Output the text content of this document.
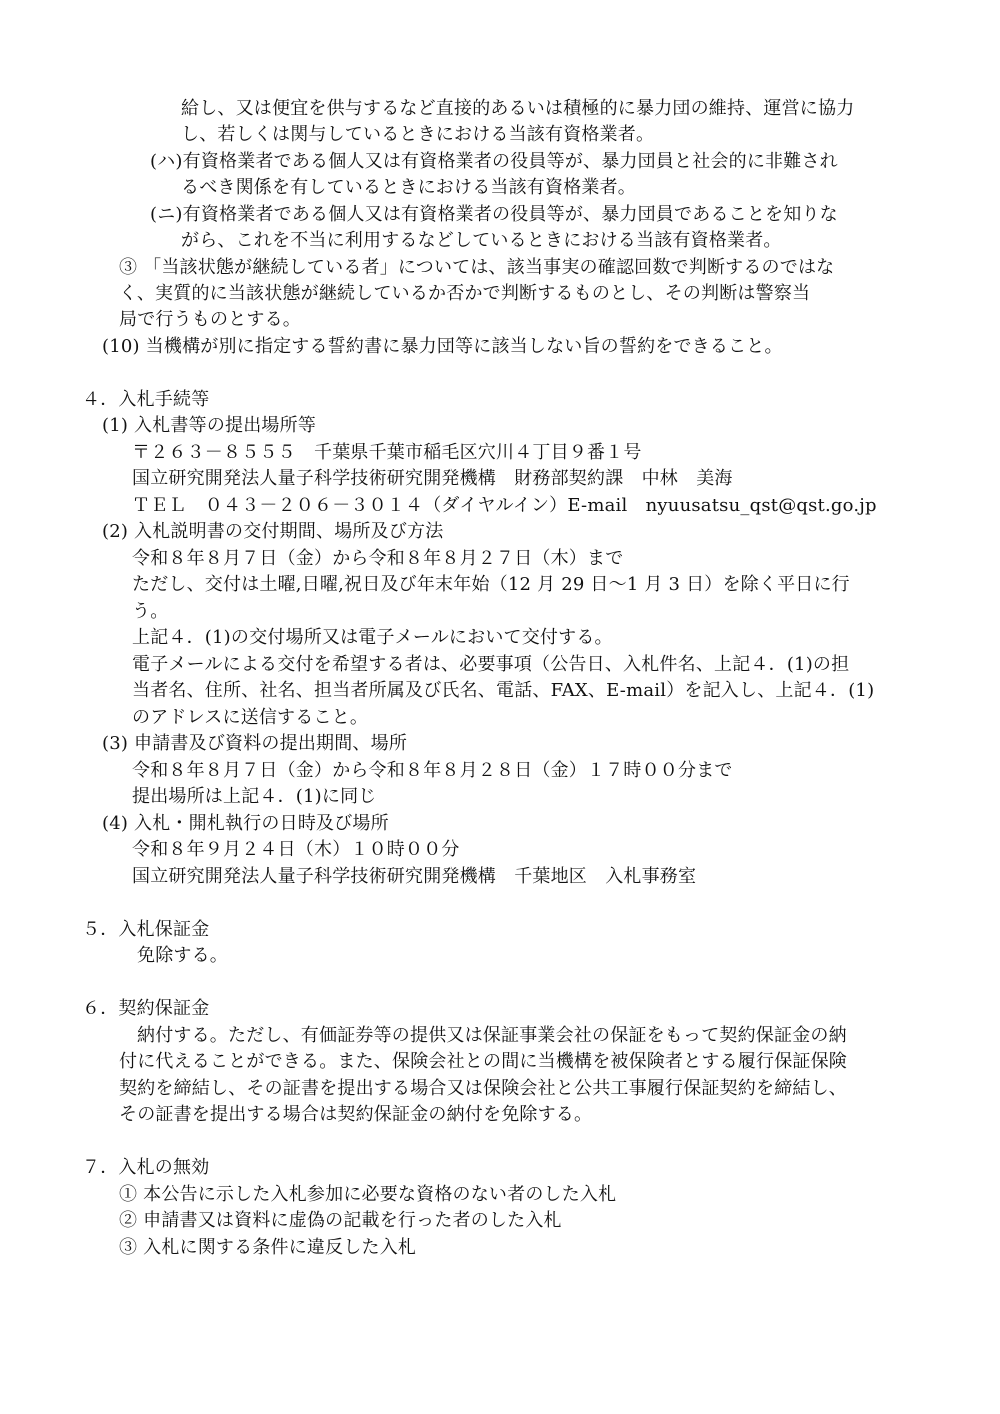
給し、又は便宜を供与するなど直接的あるいは積極的に暴力団の維持、運営に協力
し、若しくは関与しているときにおける当該有資格業者。
(ハ)有資格業者である個人又は有資格業者の役員等が、暴力団員と社会的に非難され
るべき関係を有しているときにおける当該有資格業者。
(ニ)有資格業者である個人又は有資格業者の役員等が、暴力団員であることを知りな
がら、これを不当に利用するなどしているときにおける当該有資格業者。
③ 「当該状態が継続している者」については、該当事実の確認回数で判断するのではな
く、実質的に当該状態が継続しているか否かで判断するものとし、その判断は警察当
局で行うものとする。
(10) 当機構が別に指定する誓約書に暴力団等に該当しない旨の誓約をできること。
４．入札手続等
(1) 入札書等の提出場所等
〒２６３－８５５５　千葉県千葉市稲毛区穴川４丁目９番１号
国立研究開発法人量子科学技術研究開発機構　財務部契約課　中林　美海
ＴＥＬ　０４３－２０６－３０１４（ダイヤルイン）E-mail　nyuusatsu_qst@qst.go.jp
(2) 入札説明書の交付期間、場所及び方法
令和８年８月７日（金）から令和８年８月２７日（木）まで
ただし、交付は土曜,日曜,祝日及び年末年始（12 月 29 日～1 月 3 日）を除く平日に行
う。
上記４．(1)の交付場所又は電子メールにおいて交付する。
電子メールによる交付を希望する者は、必要事項（公告日、入札件名、上記４．(1)の担
当者名、住所、社名、担当者所属及び氏名、電話、FAX、E-mail）を記入し、上記４．(1)
のアドレスに送信すること。
(3) 申請書及び資料の提出期間、場所
令和８年８月７日（金）から令和８年８月２８日（金）１７時００分まで
提出場所は上記４．(1)に同じ
(4) 入札・開札執行の日時及び場所
令和８年９月２４日（木）１０時００分
国立研究開発法人量子科学技術研究開発機構　千葉地区　入札事務室
５．入札保証金
免除する。
６．契約保証金
納付する。ただし、有価証券等の提供又は保証事業会社の保証をもって契約保証金の納
付に代えることができる。また、保険会社との間に当機構を被保険者とする履行保証保険
契約を締結し、その証書を提出する場合又は保険会社と公共工事履行保証契約を締結し、
その証書を提出する場合は契約保証金の納付を免除する。
７．入札の無効
① 本公告に示した入札参加に必要な資格のない者のした入札
② 申請書又は資料に虚偽の記載を行った者のした入札
③ 入札に関する条件に違反した入札
